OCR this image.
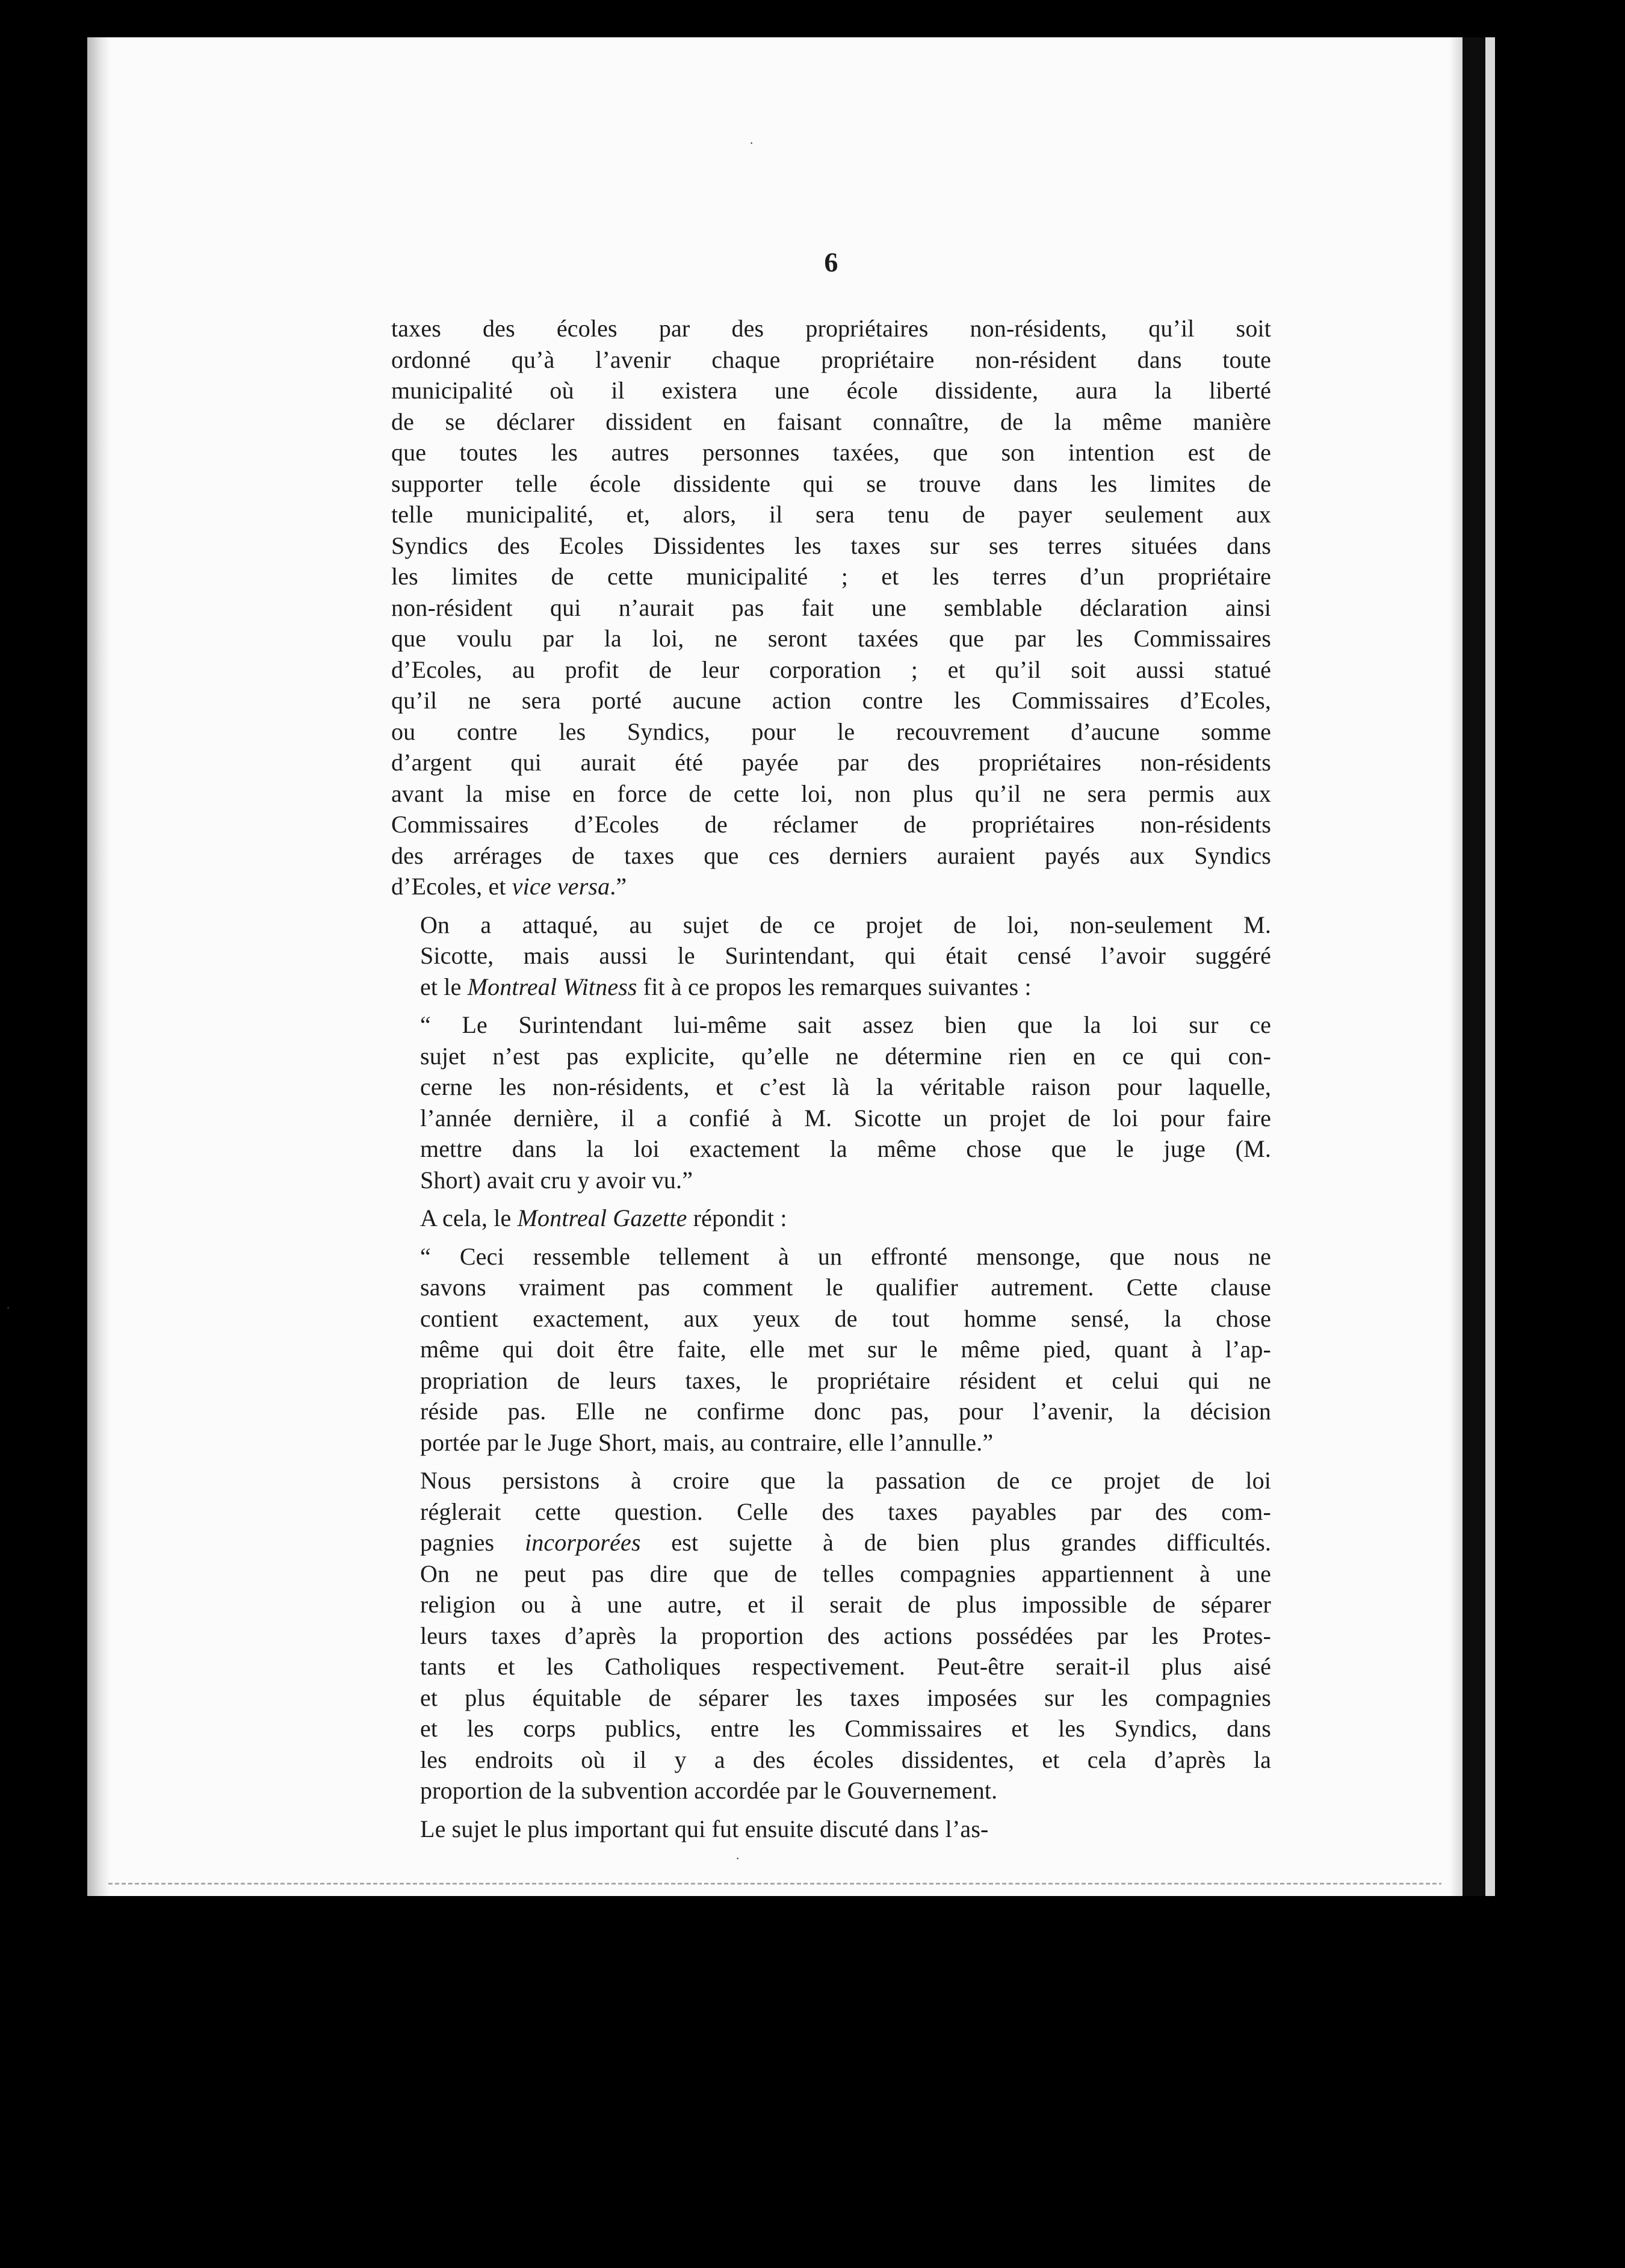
·
·
·
6

taxes des écoles par des propriétaires non-résidents, qu’il soit
ordonné qu’à l’avenir chaque propriétaire non-résident dans toute
municipalité où il existera une école dissidente, aura la liberté
de se déclarer dissident en faisant connaître, de la même manière
que toutes les autres personnes taxées, que son intention est de
supporter telle école dissidente qui se trouve dans les limites de
telle municipalité, et, alors, il sera tenu de payer seulement aux
Syndics des Ecoles Dissidentes les taxes sur ses terres situées dans
les limites de cette municipalité ; et les terres d’un propriétaire
non-résident qui n’aurait pas fait une semblable déclaration ainsi
que voulu par la loi, ne seront taxées que par les Commissaires
d’Ecoles, au profit de leur corporation ; et qu’il soit aussi statué
qu’il ne sera porté aucune action contre les Commissaires d’Ecoles,
ou contre les Syndics, pour le recouvrement d’aucune somme
d’argent qui aurait été payée par des propriétaires non-résidents
avant la mise en force de cette loi, non plus qu’il ne sera permis aux
Commissaires d’Ecoles de réclamer de propriétaires non-résidents
des arrérages de taxes que ces derniers auraient payés aux Syndics
d’Ecoles, et vice versa.”

On a attaqué, au sujet de ce projet de loi, non-seulement M.
Sicotte, mais aussi le Surintendant, qui était censé l’avoir suggéré
et le Montreal Witness fit à ce propos les remarques suivantes :

“ Le Surintendant lui-même sait assez bien que la loi sur ce
sujet n’est pas explicite, qu’elle ne détermine rien en ce qui con-
cerne les non-résidents, et c’est là la véritable raison pour laquelle,
l’année dernière, il a confié à M. Sicotte un projet de loi pour faire
mettre dans la loi exactement la même chose que le juge (M.
Short) avait cru y avoir vu.”

A cela, le Montreal Gazette répondit :

“ Ceci ressemble tellement à un effronté mensonge, que nous ne
savons vraiment pas comment le qualifier autrement. Cette clause
contient exactement, aux yeux de tout homme sensé, la chose
même qui doit être faite, elle met sur le même pied, quant à l’ap-
propriation de leurs taxes, le propriétaire résident et celui qui ne
réside pas. Elle ne confirme donc pas, pour l’avenir, la décision
portée par le Juge Short, mais, au contraire, elle l’annulle.”

Nous persistons à croire que la passation de ce projet de loi
réglerait cette question. Celle des taxes payables par des com-
pagnies incorporées est sujette à de bien plus grandes difficultés.
On ne peut pas dire que de telles compagnies appartiennent à une
religion ou à une autre, et il serait de plus impossible de séparer
leurs taxes d’après la proportion des actions possédées par les Protes-
tants et les Catholiques respectivement. Peut-être serait-il plus aisé
et plus équitable de séparer les taxes imposées sur les compagnies
et les corps publics, entre les Commissaires et les Syndics, dans
les endroits où il y a des écoles dissidentes, et cela d’après la
proportion de la subvention accordée par le Gouvernement.

Le sujet le plus important qui fut ensuite discuté dans l’as-
